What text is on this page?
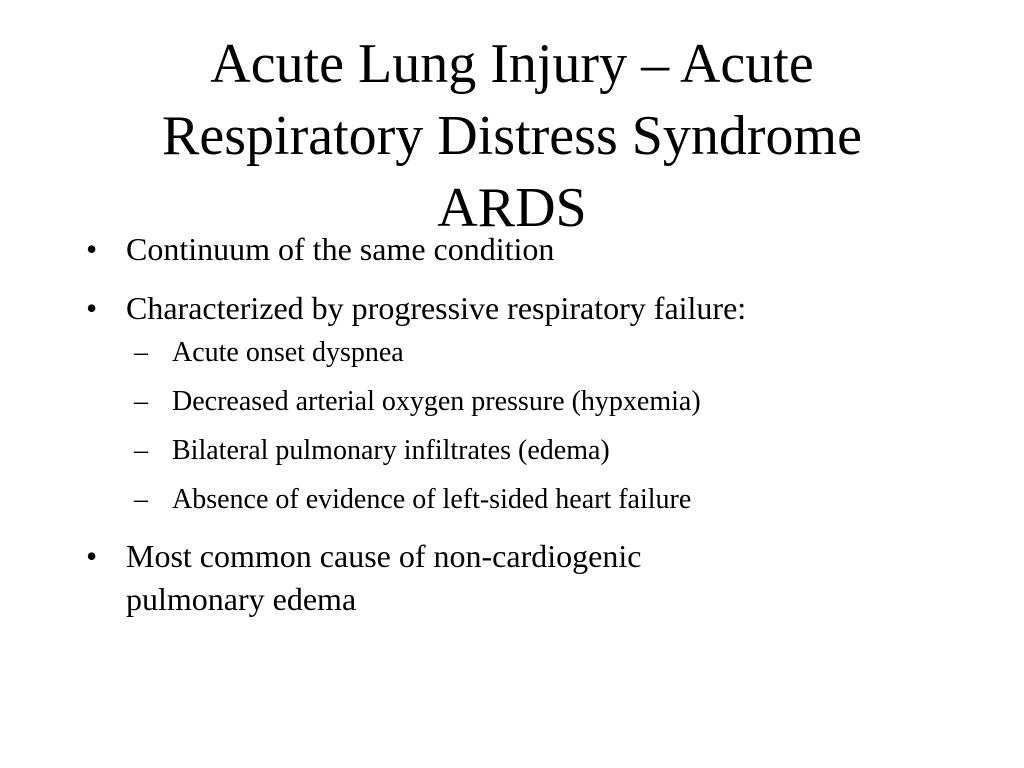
Acute Lung Injury – Acute
Respiratory Distress Syndrome
ARDS
• Continuum of the same condition
• Characterized by progressive respiratory failure:
– Acute onset dyspnea
– Decreased arterial oxygen pressure (hypxemia)
– Bilateral pulmonary infiltrates (edema)
– Absence of evidence of left-sided heart failure
• Most common cause of non-cardiogenic
pulmonary edema
